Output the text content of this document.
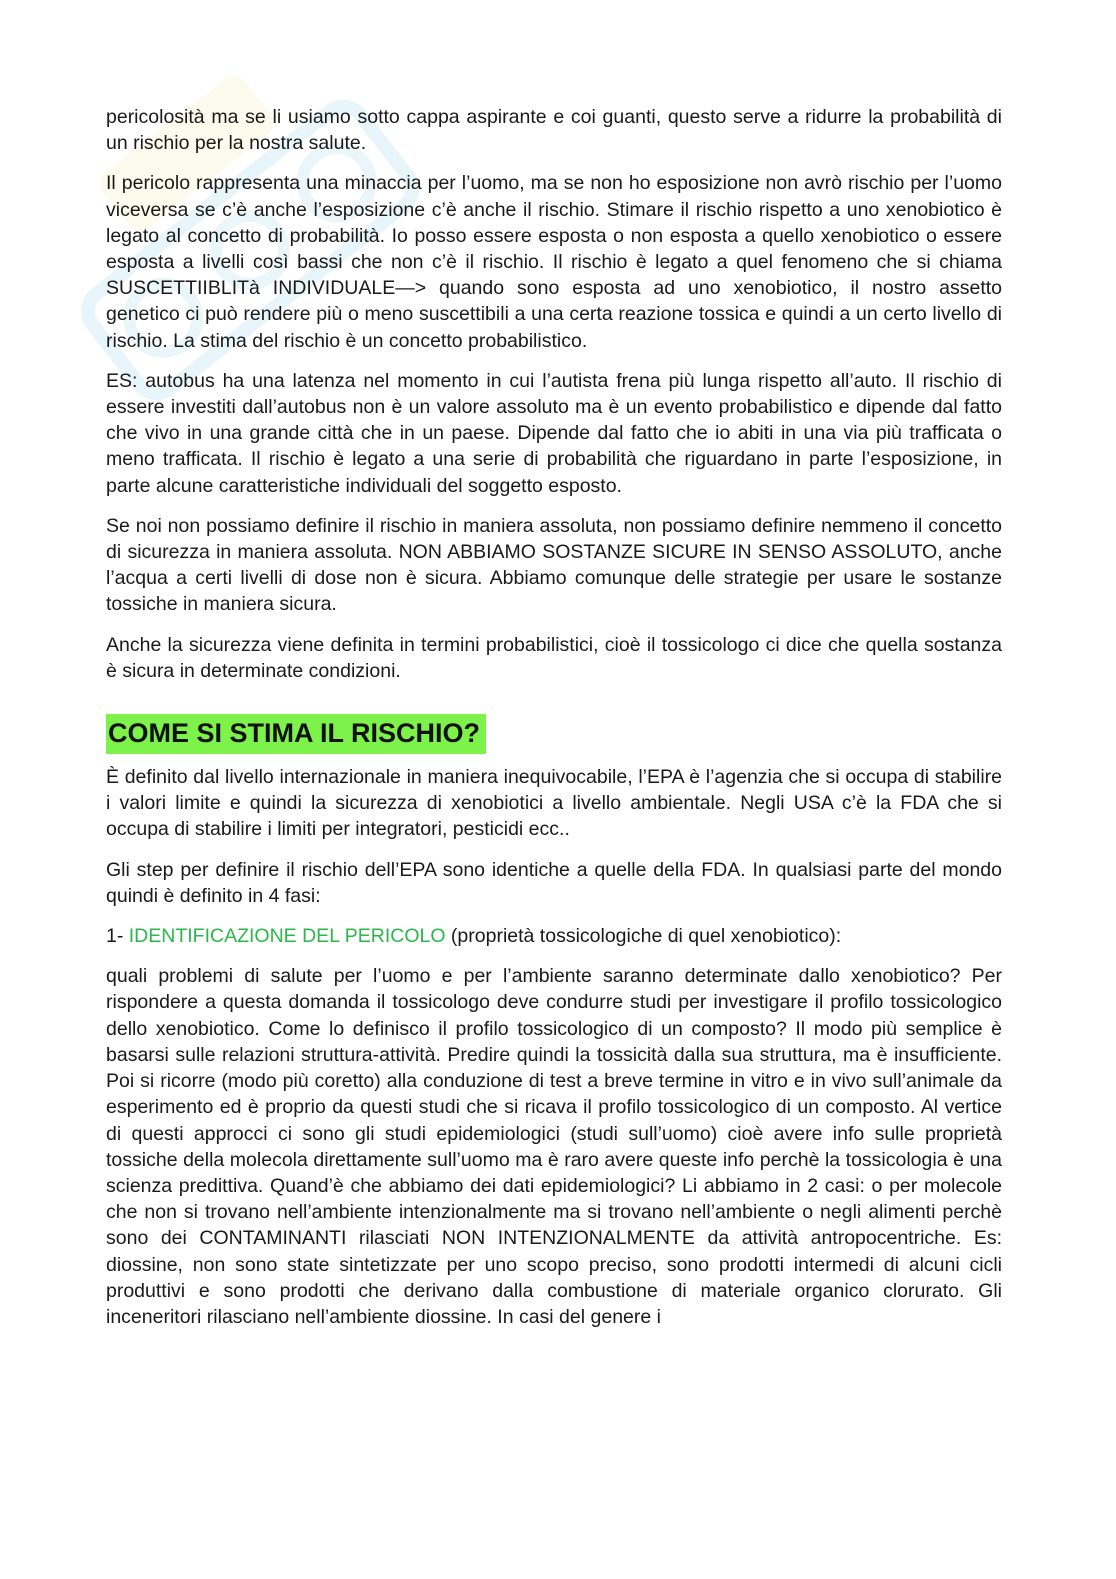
pericolosità ma se li usiamo sotto cappa aspirante e coi guanti, questo serve a ridurre la probabilità di un rischio per la nostra salute.

Il pericolo rappresenta una minaccia per l’uomo, ma se non ho esposizione non avrò rischio per l’uomo viceversa se c’è anche l’esposizione c’è anche il rischio. Stimare il rischio rispetto a uno xenobiotico è legato al concetto di probabilità. Io posso essere esposta o non esposta a quello xenobiotico o essere esposta a livelli così bassi che non c’è il rischio. Il rischio è legato a quel fenomeno che si chiama SUSCETTIIBLITà INDIVIDUALE—> quando sono esposta ad uno xenobiotico, il nostro assetto genetico ci può rendere più o meno suscettibili a una certa reazione tossica e quindi a un certo livello di rischio. La stima del rischio è un concetto probabilistico.

ES: autobus ha una latenza nel momento in cui l’autista frena più lunga rispetto all’auto. Il rischio di essere investiti dall’autobus non è un valore assoluto ma è un evento probabilistico e dipende dal fatto che vivo in una grande città che in un paese. Dipende dal fatto che io abiti in una via più trafficata o meno trafficata. Il rischio è legato a una serie di probabilità che riguardano in parte l’esposizione, in parte alcune caratteristiche individuali del soggetto esposto.

Se noi non possiamo definire il rischio in maniera assoluta, non possiamo definire nemmeno il concetto di sicurezza in maniera assoluta. NON ABBIAMO SOSTANZE SICURE IN SENSO ASSOLUTO, anche l’acqua a certi livelli di dose non è sicura. Abbiamo comunque delle strategie per usare le sostanze tossiche in maniera sicura.

Anche la sicurezza viene definita in termini probabilistici, cioè il tossicologo ci dice che quella sostanza è sicura in determinate condizioni.

COME SI STIMA IL RISCHIO?

È definito dal livello internazionale in maniera inequivocabile, l’EPA è l’agenzia che si occupa di stabilire i valori limite e quindi la sicurezza di xenobiotici a livello ambientale. Negli USA c’è la FDA che si occupa di stabilire i limiti per integratori, pesticidi ecc..

Gli step per definire il rischio dell’EPA sono identiche a quelle della FDA. In qualsiasi parte del mondo quindi è definito in 4 fasi:

1- IDENTIFICAZIONE DEL PERICOLO (proprietà tossicologiche di quel xenobiotico):

quali problemi di salute per l’uomo e per l’ambiente saranno determinate dallo xenobiotico? Per rispondere a questa domanda il tossicologo deve condurre studi per investigare il profilo tossicologico dello xenobiotico. Come lo definisco il profilo tossicologico di un composto? Il modo più semplice è basarsi sulle relazioni struttura-attività. Predire quindi la tossicità dalla sua struttura, ma è insufficiente. Poi si ricorre (modo più coretto) alla conduzione di test a breve termine in vitro e in vivo sull’animale da esperimento ed è proprio da questi studi che si ricava il profilo tossicologico di un composto. Al vertice di questi approcci ci sono gli studi epidemiologici (studi sull’uomo) cioè avere info sulle proprietà tossiche della molecola direttamente sull’uomo ma è raro avere queste info perchè la tossicologia è una scienza predittiva. Quand’è che abbiamo dei dati epidemiologici? Li abbiamo in 2 casi: o per molecole che non si trovano nell’ambiente intenzionalmente ma si trovano nell’ambiente o negli alimenti perchè sono dei CONTAMINANTI rilasciati NON INTENZIONALMENTE da attività antropocentriche. Es: diossine, non sono state sintetizzate per uno scopo preciso, sono prodotti intermedi di alcuni cicli produttivi e sono prodotti che derivano dalla combustione di materiale organico clorurato. Gli inceneritori rilasciano nell’ambiente diossine. In casi del genere i
